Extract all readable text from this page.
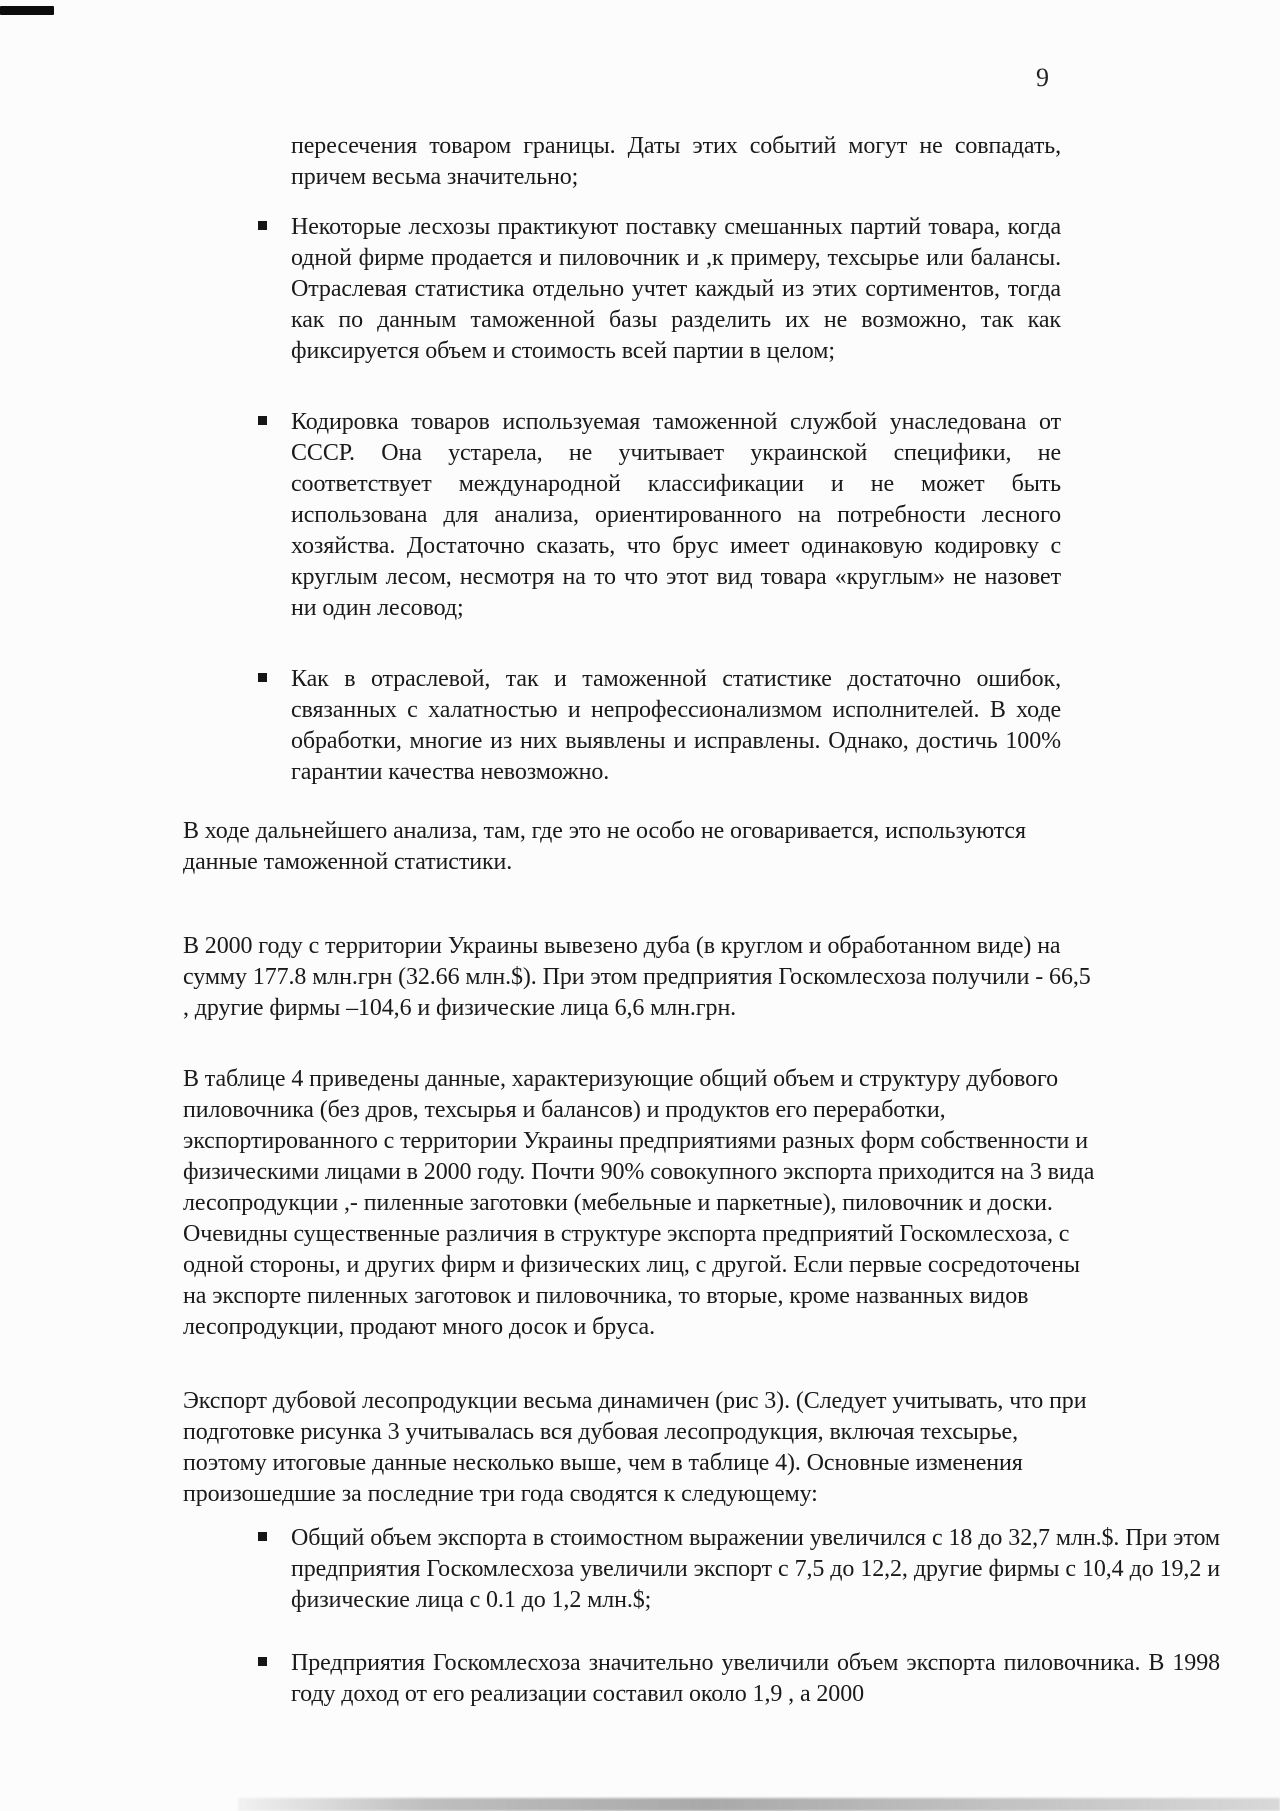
9

пересечения товаром границы. Даты этих событий могут не совпадать, причем весьма значительно;

▪ Некоторые лесхозы практикуют поставку смешанных партий товара, когда одной фирме продается и пиловочник и ,к примеру, техсырье или балансы. Отраслевая статистика отдельно учтет каждый из этих сортиментов, тогда как по данным таможенной базы разделить их не возможно, так как фиксируется объем и стоимость всей партии в целом;
▪ Кодировка товаров используемая таможенной службой унаследована от СССР. Она устарела, не учитывает украинской специфики, не соответствует международной классификации и не может быть использована для анализа, ориентированного на потребности лесного хозяйства. Достаточно сказать, что брус имеет одинаковую кодировку с круглым лесом, несмотря на то что этот вид товара «круглым» не назовет ни один лесовод;
▪ Как в отраслевой, так и таможенной статистике достаточно ошибок, связанных с халатностью и непрофессионализмом исполнителей. В ходе обработки, многие из них выявлены и исправлены. Однако, достичь 100% гарантии качества невозможно.

В ходе дальнейшего анализа, там, где это не особо не оговаривается, используются данные таможенной статистики.

В 2000 году с территории Украины вывезено дуба (в круглом и обработанном виде) на сумму 177.8 млн.грн (32.66 млн.$). При этом предприятия Госкомлесхоза получили - 66,5 , другие фирмы –104,6 и физические лица 6,6 млн.грн.

В таблице 4 приведены данные, характеризующие общий объем и структуру дубового пиловочника (без дров, техсырья и балансов) и продуктов его переработки, экспортированного с территории Украины предприятиями разных форм собственности и физическими лицами в 2000 году. Почти 90% совокупного экспорта приходится на 3 вида лесопродукции ,- пиленные заготовки (мебельные и паркетные), пиловочник и доски. Очевидны существенные различия в структуре экспорта предприятий Госкомлесхоза, с одной стороны, и других фирм и физических лиц, с другой. Если первые сосредоточены на экспорте пиленных заготовок и пиловочника, то вторые, кроме названных видов лесопродукции, продают много досок и бруса.

Экспорт дубовой лесопродукции весьма динамичен (рис 3). (Следует учитывать, что при подготовке рисунка 3 учитывалась вся дубовая лесопродукция, включая техсырье, поэтому итоговые данные несколько выше, чем в таблице 4). Основные изменения произошедшие за последние три года сводятся к следующему:

▪ Общий объем экспорта в стоимостном выражении увеличился с 18 до 32,7 млн.$. При этом предприятия Госкомлесхоза увеличили экспорт с 7,5 до 12,2, другие фирмы с 10,4 до 19,2 и физические лица с 0.1 до 1,2 млн.$;
▪ Предприятия Госкомлесхоза значительно увеличили объем экспорта пиловочника. В 1998 году доход от его реализации составил около 1,9 , а 2000
